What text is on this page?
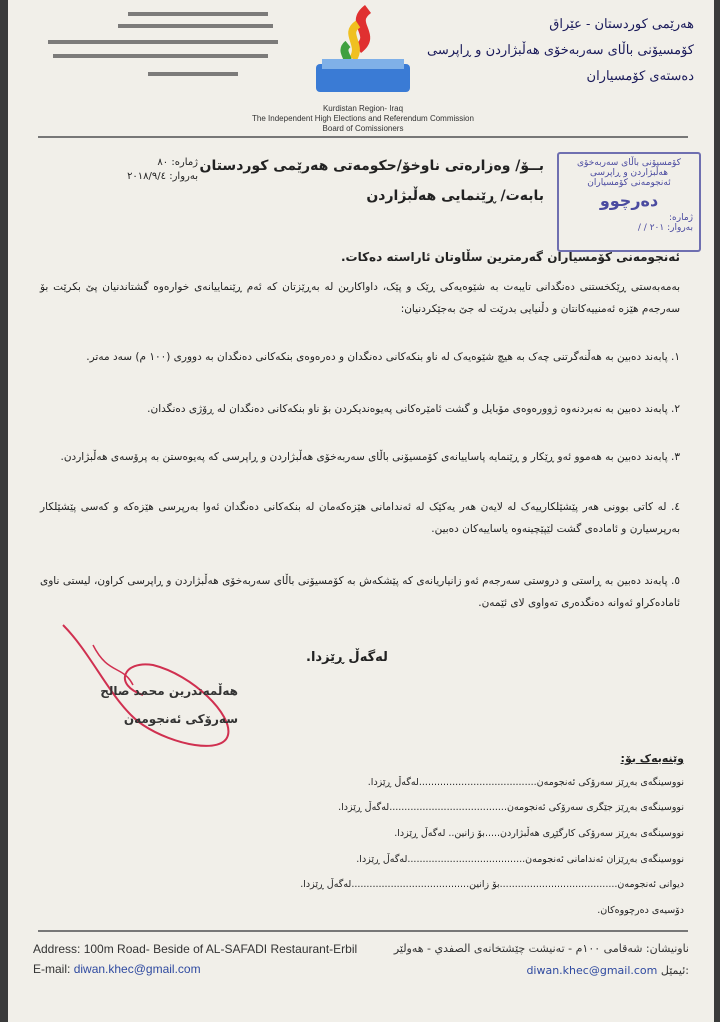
Kurdistan Region- Iraq
The Independent High Elections and Referendum Commission
Board of Comissioners
هەرێمی کوردستان - عێراق
کۆمسیۆنی باڵای سەربەخۆی هەڵبژاردن و ڕاپرسی
دەستەی کۆمسیاران
ژمارە: ٨٠
بەروار: ٢٠١٨/٩/٤
بــۆ/ وەزارەتی ناوخۆ/حکومەتی هەرێمی کوردستان
بابەت/ ڕێنمایی هەڵبژاردن
کۆمسیۆنی باڵای سەربەخۆی هەڵبژاردن و ڕاپرسی
ئەنجومەنی کۆمسیاران
دەرچوو
ژمارە:
بەروار: ٢٠١ / /
ئەنجومەنی کۆمسیاران گەرمترین سڵاوتان ئاراستە دەکات.
بەمەبەستی ڕێکخستنی دەنگدانی تایبەت بە شێوەیەکی ڕێک و پێک، داواکارین لە بەڕێزتان کە ئەم ڕێنماییانەی خوارەوە گشتاندنیان پێ بکرێت بۆ سەرجەم هێزە ئەمنییەکانتان و دڵنیایی بدرێت لە جێ بەجێکردنیان:
١. پابەند دەبین بە هەڵنەگرتنی چەک بە هیچ شێوەیەک لە ناو بنکەکانی دەنگدان و دەرەوەی بنکەکانی دەنگدان بە دووری (١٠٠ م) سەد مەتر.
٢. پابەند دەبین بە نەبردنەوە ژوورەوەی مۆبایل و گشت ئامێرەکانی پەیوەندیکردن بۆ ناو بنکەکانی دەنگدان لە ڕۆژی دەنگدان.
٣. پابەند دەبین بە هەموو ئەو ڕێکار و ڕێنمایە پاساییانەی کۆمسیۆنی باڵای سەربەخۆی هەڵبژاردن و ڕاپرسی کە پەیوەستن بە پرۆسەی هەڵبژاردن.
٤. لە کاتی بوونی هەر پێشێلکارییەک لە لایەن هەر یەکێک لە ئەندامانی هێزەکەمان لە بنکەکانی دەنگدان ئەوا بەرپرسی هێزەکە و کەسی پێشێلکار بەرپرسیارن و ئامادەی گشت لێپێچینەوە یاساییەکان دەبین.
٥. پابەند دەبین بە ڕاستی و دروستی سەرجەم ئەو زانیاریانەی کە پێشکەش بە کۆمسیۆنی باڵای سەربەخۆی هەڵبژاردن و ڕاپرسی کراون، لیستی ناوی ئامادەکراو ئەوانە دەنگدەری تەواوی لای ئێمەن.
لەگەڵ ڕێزدا.
هەڵمەتدرین محمد صالح
سەرۆکی ئەنجومەن
وێنەیەک بۆ:
نووسینگەی بەڕێز سەرۆکی ئەنجومەن.......................................لەگەڵ ڕێزدا.
نووسینگەی بەڕێز جێگری سەرۆکی ئەنجومەن.......................................لەگەڵ ڕێزدا.
نووسینگەی بەڕێز سەرۆکی کارگێڕی هەڵبژاردن.....بۆ زانین.. لەگەڵ ڕێزدا.
نووسینگەی بەڕێزان ئەندامانی ئەنجومەن.......................................لەگەڵ ڕێزدا.
دیوانی ئەنجومەن.......................................بۆ زانین.......................................لەگەڵ ڕێزدا.
دۆسیەی دەرچووەکان.
Address: 100m Road- Beside of AL-SAFADI Restaurant-Erbil
E-mail: diwan.khec@gmail.com
ناونیشان: شەقامی ١٠٠م - تەنیشت چێشتخانەی الصفدي - هەولێر
diwan.khec@gmail.com ئیمێل:
